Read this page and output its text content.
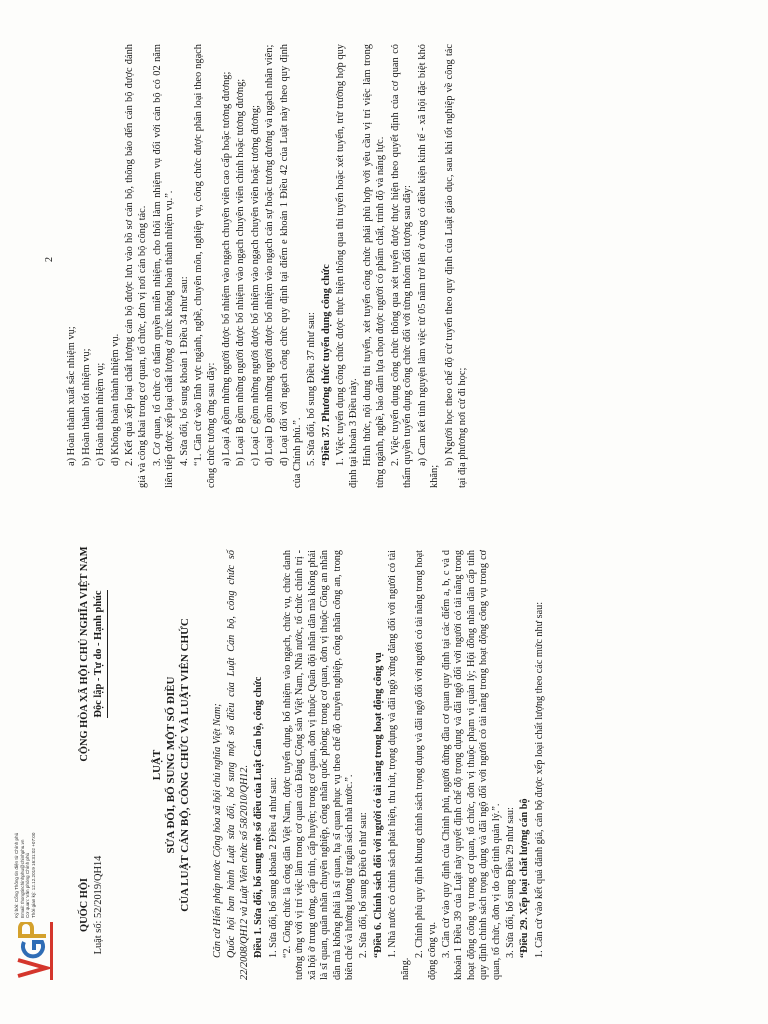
Ký bởi: Cổng Thông tin điện tử Chính phủ Email: thongtinchinhphu@chinhphu.vn Cơ quan: Văn phòng Chính phủ Thời gian ký: 12.12.2019 16:31:02 +07:00	QUỐC HỘI Luật số: 52/2019/QH14
CỘNG HÒA XÃ HỘI CHỦ NGHĨA VIỆT NAM Độc lập - Tự do - Hạnh phúc
LUẬT SỬA ĐỔI, BỔ SUNG MỘT SỐ ĐIỀU CỦA LUẬT CÁN BỘ, CÔNG CHỨC VÀ LUẬT VIÊN CHỨC Căn cứ Hiến pháp nước Cộng hòa xã hội chủ nghĩa Việt Nam; Quốc hội ban hành Luật sửa đổi, bổ sung một số điều của Luật Cán bộ, công chức số 22/2008/QH12 và Luật Viên chức số 58/2010/QH12. Điều 1. Sửa đổi, bổ sung một số điều của Luật Cán bộ, công chức 1. Sửa đổi, bổ sung khoản 2 Điều 4 như sau: “2. Công chức là công dân Việt Nam, được tuyển dụng, bổ nhiệm vào ngạch, chức vụ, chức danh tương ứng với vị trí việc làm trong cơ quan của Đảng Cộng sản Việt Nam, Nhà nước, tổ chức chính trị - xã hội ở trung ương, cấp tỉnh, cấp huyện; trong cơ quan, đơn vị thuộc Quân đội nhân dân mà không phải là sĩ quan, quân nhân chuyên nghiệp, công nhân quốc phòng; trong cơ quan, đơn vị thuộc Công an nhân dân mà không phải là sĩ quan, hạ sĩ quan phục vụ theo chế độ chuyên nghiệp, công nhân công an, trong biên chế và hưởng lương từ ngân sách nhà nước.”. 2. Sửa đổi, bổ sung Điều 6 như sau: “Điều 6. Chính sách đối với người có tài năng trong hoạt động công vụ 1. Nhà nước có chính sách phát hiện, thu hút, trọng dụng và đãi ngộ xứng đáng đối với người có tài năng.

2. Chính phủ quy định khung chính sách trọng dụng và đãi ngộ đối với người có tài năng trong hoạt động công vụ. 3. Căn cứ vào quy định của Chính phủ, người đứng đầu cơ quan quy định tại các điểm a, b, c và d khoản 1 Điều 39 của Luật này quyết định chế độ trọng dụng và đãi ngộ đối với người có tài năng trong hoạt động công vụ trong cơ quan, tổ chức, đơn vị thuộc phạm vi quản lý; Hội đồng nhân dân cấp tỉnh quy định chính sách trọng dụng và đãi ngộ đối với người có tài năng trong hoạt động công vụ trong cơ quan, tổ chức, đơn vị do cấp tỉnh quản lý.”. 3. Sửa đổi, bổ sung Điều 29 như sau: “Điều 29. Xếp loại chất lượng cán bộ 1. Căn cứ vào kết quả đánh giá, cán bộ được xếp loại chất lượng theo các mức như sau:

2

a) Hoàn thành xuất sắc nhiệm vụ; b) Hoàn thành tốt nhiệm vụ; c) Hoàn thành nhiệm vụ; d) Không hoàn thành nhiệm vụ. 2. Kết quả xếp loại chất lượng cán bộ được lưu vào hồ sơ cán bộ, thông báo đến cán bộ được đánh giá và công khai trong cơ quan, tổ chức, đơn vị nơi cán bộ công tác. 3. Cơ quan, tổ chức có thẩm quyền miễn nhiệm, cho thôi làm nhiệm vụ đối với cán bộ có 02 năm liên tiếp được xếp loại chất lượng ở mức không hoàn thành nhiệm vụ.”. 4. Sửa đổi, bổ sung khoản 1 Điều 34 như sau: “1. Căn cứ vào lĩnh vực ngành, nghề, chuyên môn, nghiệp vụ, công chức được phân loại theo ngạch công chức tương ứng sau đây: a) Loại A gồm những người được bổ nhiệm vào ngạch chuyên viên cao cấp hoặc tương đương; b) Loại B gồm những người được bổ nhiệm vào ngạch chuyên viên chính hoặc tương đương; c) Loại C gồm những người được bổ nhiệm vào ngạch chuyên viên hoặc tương đương; d) Loại D gồm những người được bổ nhiệm vào ngạch cán sự hoặc tương đương và ngạch nhân viên; đ) Loại đối với ngạch công chức quy định tại điểm e khoản 1 Điều 42 của Luật này theo quy định của Chính phủ.”. 5. Sửa đổi, bổ sung Điều 37 như sau: “Điều 37. Phương thức tuyển dụng công chức 1. Việc tuyển dụng công chức được thực hiện thông qua thi tuyển hoặc xét tuyển, trừ trường hợp quy định tại khoản 3 Điều này. Hình thức, nội dung thi tuyển, xét tuyển công chức phải phù hợp với yêu cầu vị trí việc làm trong từng ngành, nghề, bảo đảm lựa chọn được người có phẩm chất, trình độ và năng lực. 2. Việc tuyển dụng công chức thông qua xét tuyển được thực hiện theo quyết định của cơ quan có thẩm quyền tuyển dụng công chức đối với từng nhóm đối tượng sau đây: a) Cam kết tình nguyện làm việc từ 05 năm trở lên ở vùng có điều kiện kinh tế - xã hội đặc biệt khó khăn;

b) Người học theo chế độ cử tuyển theo quy định của Luật giáo dục, sau khi tốt nghiệp về công tác tại địa phương nơi cử đi học;
